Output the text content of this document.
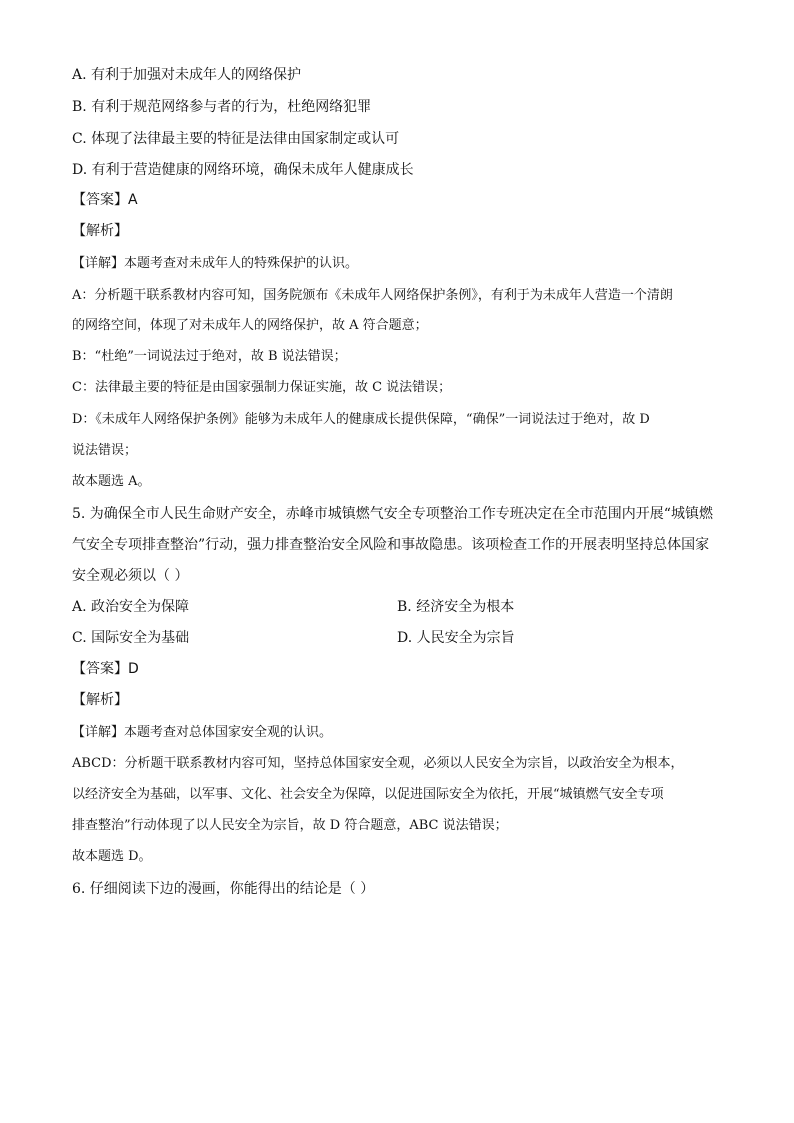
A. 有利于加强对未成年人的网络保护
B. 有利于规范网络参与者的行为，杜绝网络犯罪
C. 体现了法律最主要的特征是法律由国家制定或认可
D. 有利于营造健康的网络环境，确保未成年人健康成长
【答案】A
【解析】
【详解】本题考查对未成年人的特殊保护的认识。
A：分析题干联系教材内容可知，国务院颁布《未成年人网络保护条例》，有利于为未成年人营造一个清朗
的网络空间，体现了对未成年人的网络保护，故 A 符合题意；
B：“杜绝”一词说法过于绝对，故 B 说法错误；
C：法律最主要的特征是由国家强制力保证实施，故 C 说法错误；
D：《未成年人网络保护条例》能够为未成年人的健康成长提供保障，“确保”一词说法过于绝对，故 D
说法错误；
故本题选 A。
5. 为确保全市人民生命财产安全，赤峰市城镇燃气安全专项整治工作专班决定在全市范围内开展“城镇燃
气安全专项排查整治”行动，强力排查整治安全风险和事故隐患。该项检查工作的开展表明坚持总体国家
安全观必须以（ ）
A. 政治安全为保障	B. 经济安全为根本
C. 国际安全为基础	D. 人民安全为宗旨
【答案】D
【解析】
【详解】本题考查对总体国家安全观的认识。
ABCD：分析题干联系教材内容可知，坚持总体国家安全观，必须以人民安全为宗旨，以政治安全为根本，
以经济安全为基础，以军事、文化、社会安全为保障，以促进国际安全为依托，开展“城镇燃气安全专项
排查整治”行动体现了以人民安全为宗旨，故 D 符合题意，ABC 说法错误；
故本题选 D。
6. 仔细阅读下边的漫画，你能得出的结论是（ ）
